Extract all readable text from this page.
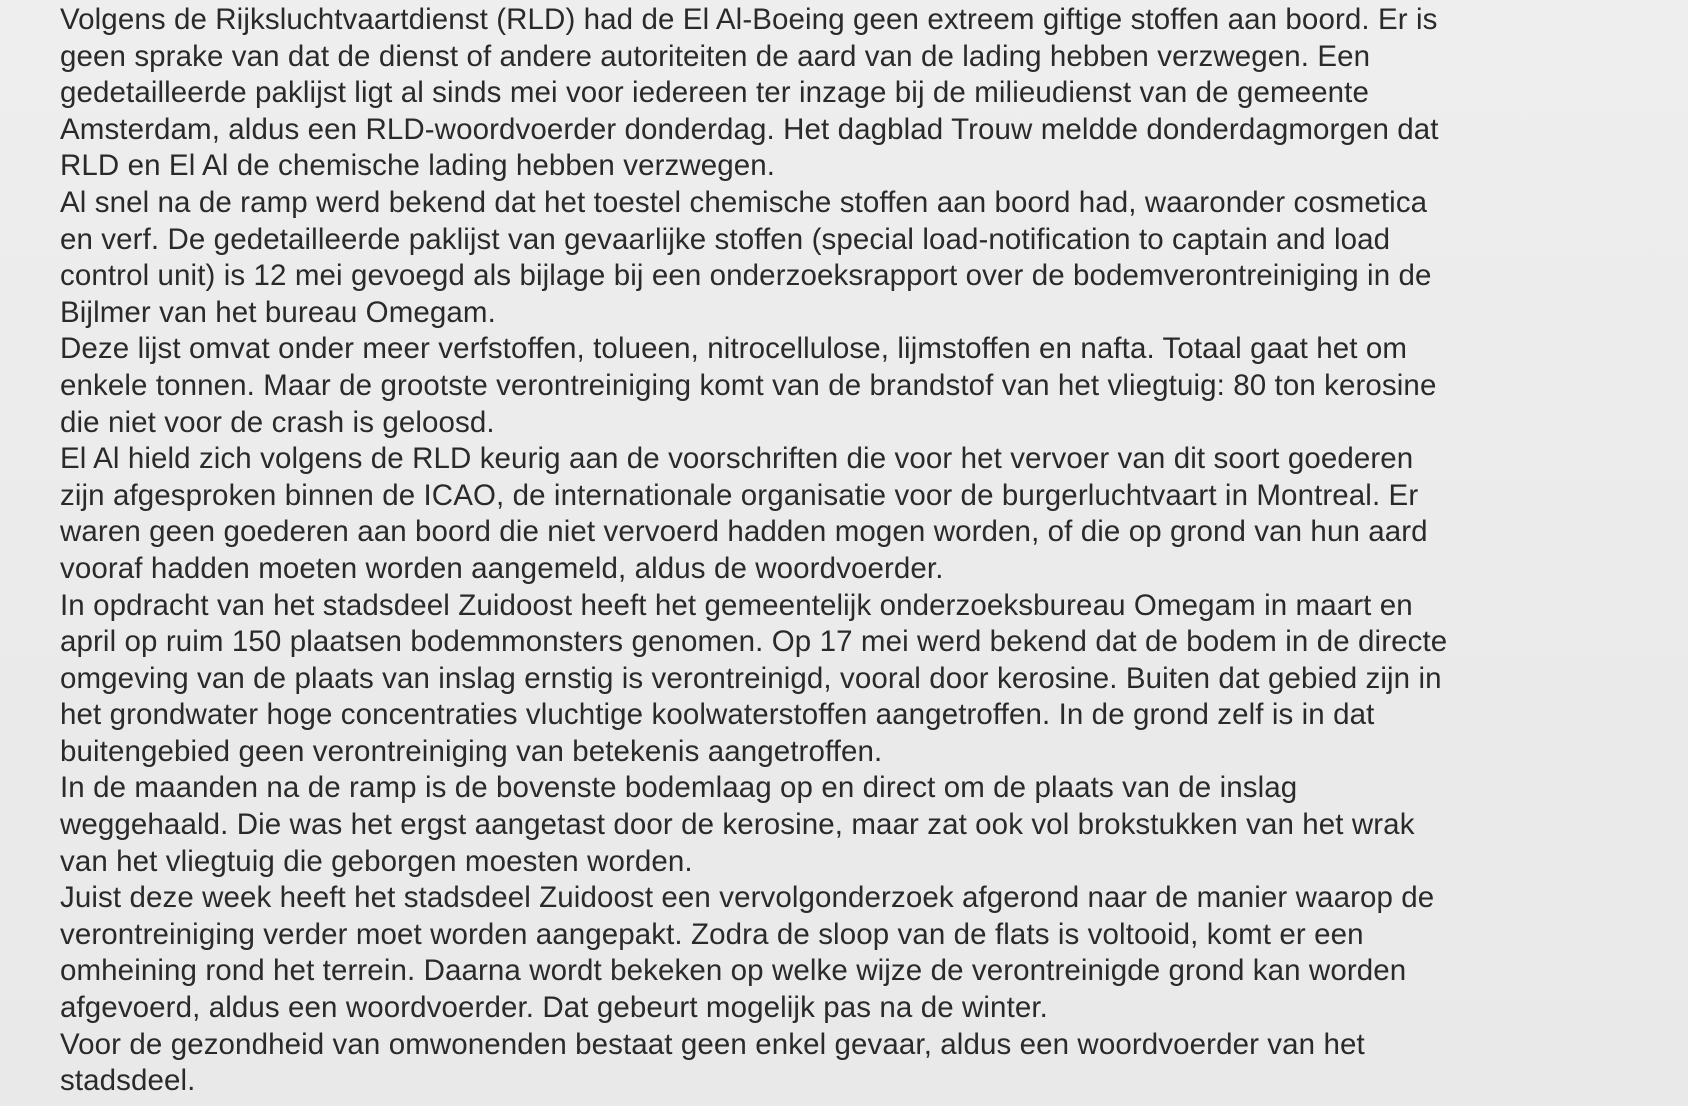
Volgens de Rijksluchtvaartdienst (RLD) had de El Al-Boeing geen extreem giftige stoffen aan boord. Er is
geen sprake van dat de dienst of andere autoriteiten de aard van de lading hebben verzwegen. Een
gedetailleerde paklijst ligt al sinds mei voor iedereen ter inzage bij de milieudienst van de gemeente
Amsterdam, aldus een RLD-woordvoerder donderdag. Het dagblad Trouw meldde donderdagmorgen dat
RLD en El Al de chemische lading hebben verzwegen.
Al snel na de ramp werd bekend dat het toestel chemische stoffen aan boord had, waaronder cosmetica
en verf. De gedetailleerde paklijst van gevaarlijke stoffen (special load-notification to captain and load
control unit) is 12 mei gevoegd als bijlage bij een onderzoeksrapport over de bodemverontreiniging in de
Bijlmer van het bureau Omegam.
Deze lijst omvat onder meer verfstoffen, tolueen, nitrocellulose, lijmstoffen en nafta. Totaal gaat het om
enkele tonnen. Maar de grootste verontreiniging komt van de brandstof van het vliegtuig: 80 ton kerosine
die niet voor de crash is geloosd.
El Al hield zich volgens de RLD keurig aan de voorschriften die voor het vervoer van dit soort goederen
zijn afgesproken binnen de ICAO, de internationale organisatie voor de burgerluchtvaart in Montreal. Er
waren geen goederen aan boord die niet vervoerd hadden mogen worden, of die op grond van hun aard
vooraf hadden moeten worden aangemeld, aldus de woordvoerder.
In opdracht van het stadsdeel Zuidoost heeft het gemeentelijk onderzoeksbureau Omegam in maart en
april op ruim 150 plaatsen bodemmonsters genomen. Op 17 mei werd bekend dat de bodem in de directe
omgeving van de plaats van inslag ernstig is verontreinigd, vooral door kerosine. Buiten dat gebied zijn in
het grondwater hoge concentraties vluchtige koolwaterstoffen aangetroffen. In de grond zelf is in dat
buitengebied geen verontreiniging van betekenis aangetroffen.
In de maanden na de ramp is de bovenste bodemlaag op en direct om de plaats van de inslag
weggehaald. Die was het ergst aangetast door de kerosine, maar zat ook vol brokstukken van het wrak
van het vliegtuig die geborgen moesten worden.
Juist deze week heeft het stadsdeel Zuidoost een vervolgonderzoek afgerond naar de manier waarop de
verontreiniging verder moet worden aangepakt. Zodra de sloop van de flats is voltooid, komt er een
omheining rond het terrein. Daarna wordt bekeken op welke wijze de verontreinigde grond kan worden
afgevoerd, aldus een woordvoerder. Dat gebeurt mogelijk pas na de winter.
Voor de gezondheid van omwonenden bestaat geen enkel gevaar, aldus een woordvoerder van het
stadsdeel.
